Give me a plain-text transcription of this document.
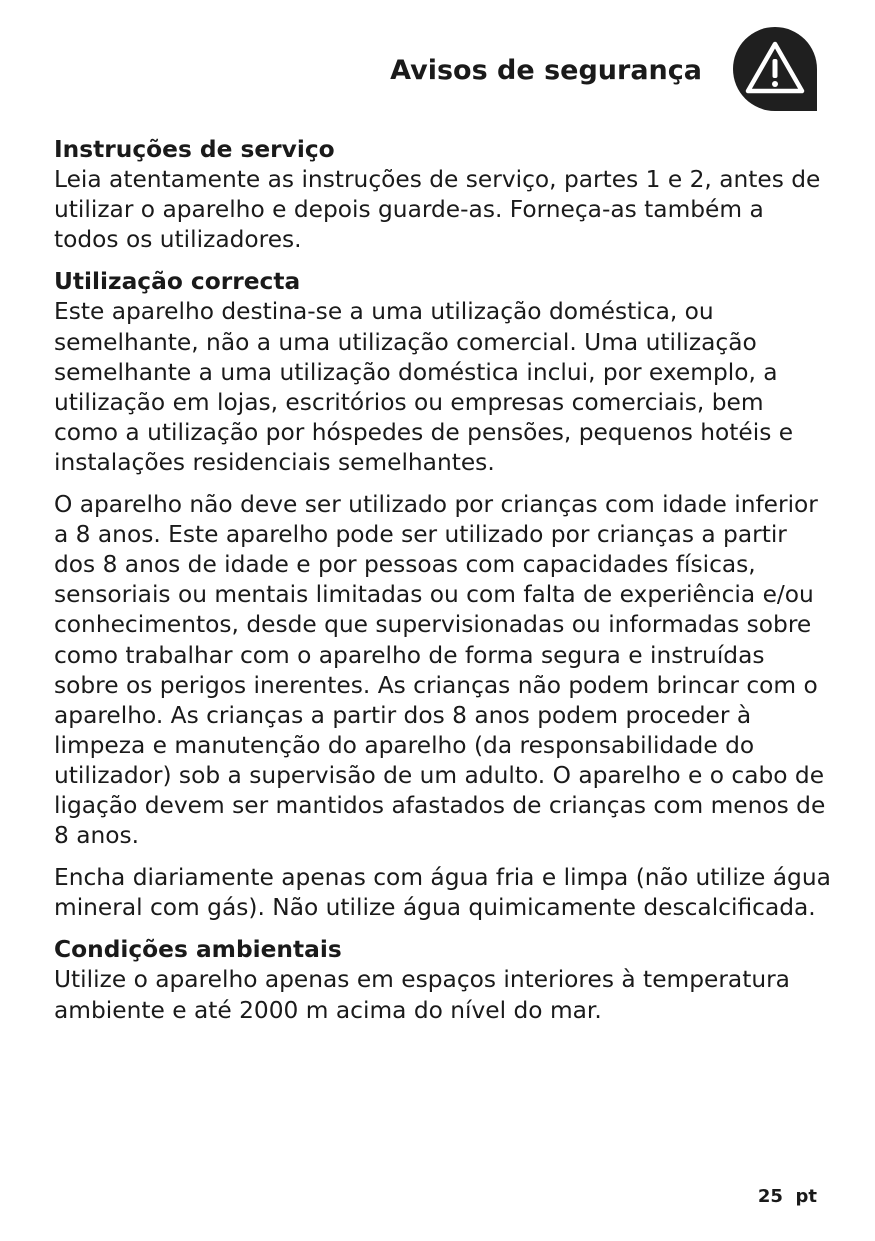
Avisos de segurança

Instruções de serviço

Leia atentamente as instruções de serviço, partes 1 e 2, antes de utilizar o aparelho e depois guarde-as. Forneça-as também a todos os utilizadores.

Utilização correcta

Este aparelho destina-se a uma utilização doméstica, ou semelhante, não a uma utilização comercial. Uma utilização semelhante a uma utilização doméstica inclui, por exemplo, a utilização em lojas, escritórios ou empresas comerciais, bem como a utilização por hóspedes de pensões, pequenos hotéis e instalações residenciais semelhantes.

O aparelho não deve ser utilizado por crianças com idade inferior a 8 anos. Este aparelho pode ser utilizado por crianças a partir dos 8 anos de idade e por pessoas com capacidades físicas, sensoriais ou mentais limitadas ou com falta de experiência e/ou conhecimentos, desde que supervisionadas ou informadas sobre como trabalhar com o aparelho de forma segura e instruídas sobre os perigos inerentes. As crianças não podem brincar com o aparelho. As crianças a partir dos 8 anos podem proceder à limpeza e manutenção do aparelho (da responsabilidade do utilizador) sob a supervisão de um adulto. O aparelho e o cabo de ligação devem ser mantidos afastados de crianças com menos de 8 anos.

Encha diariamente apenas com água fria e limpa (não utilize água mineral com gás). Não utilize água quimicamente descalcificada.

Condições ambientais

Utilize o aparelho apenas em espaços interiores à temperatura ambiente e até 2000 m acima do nível do mar.

25 pt
